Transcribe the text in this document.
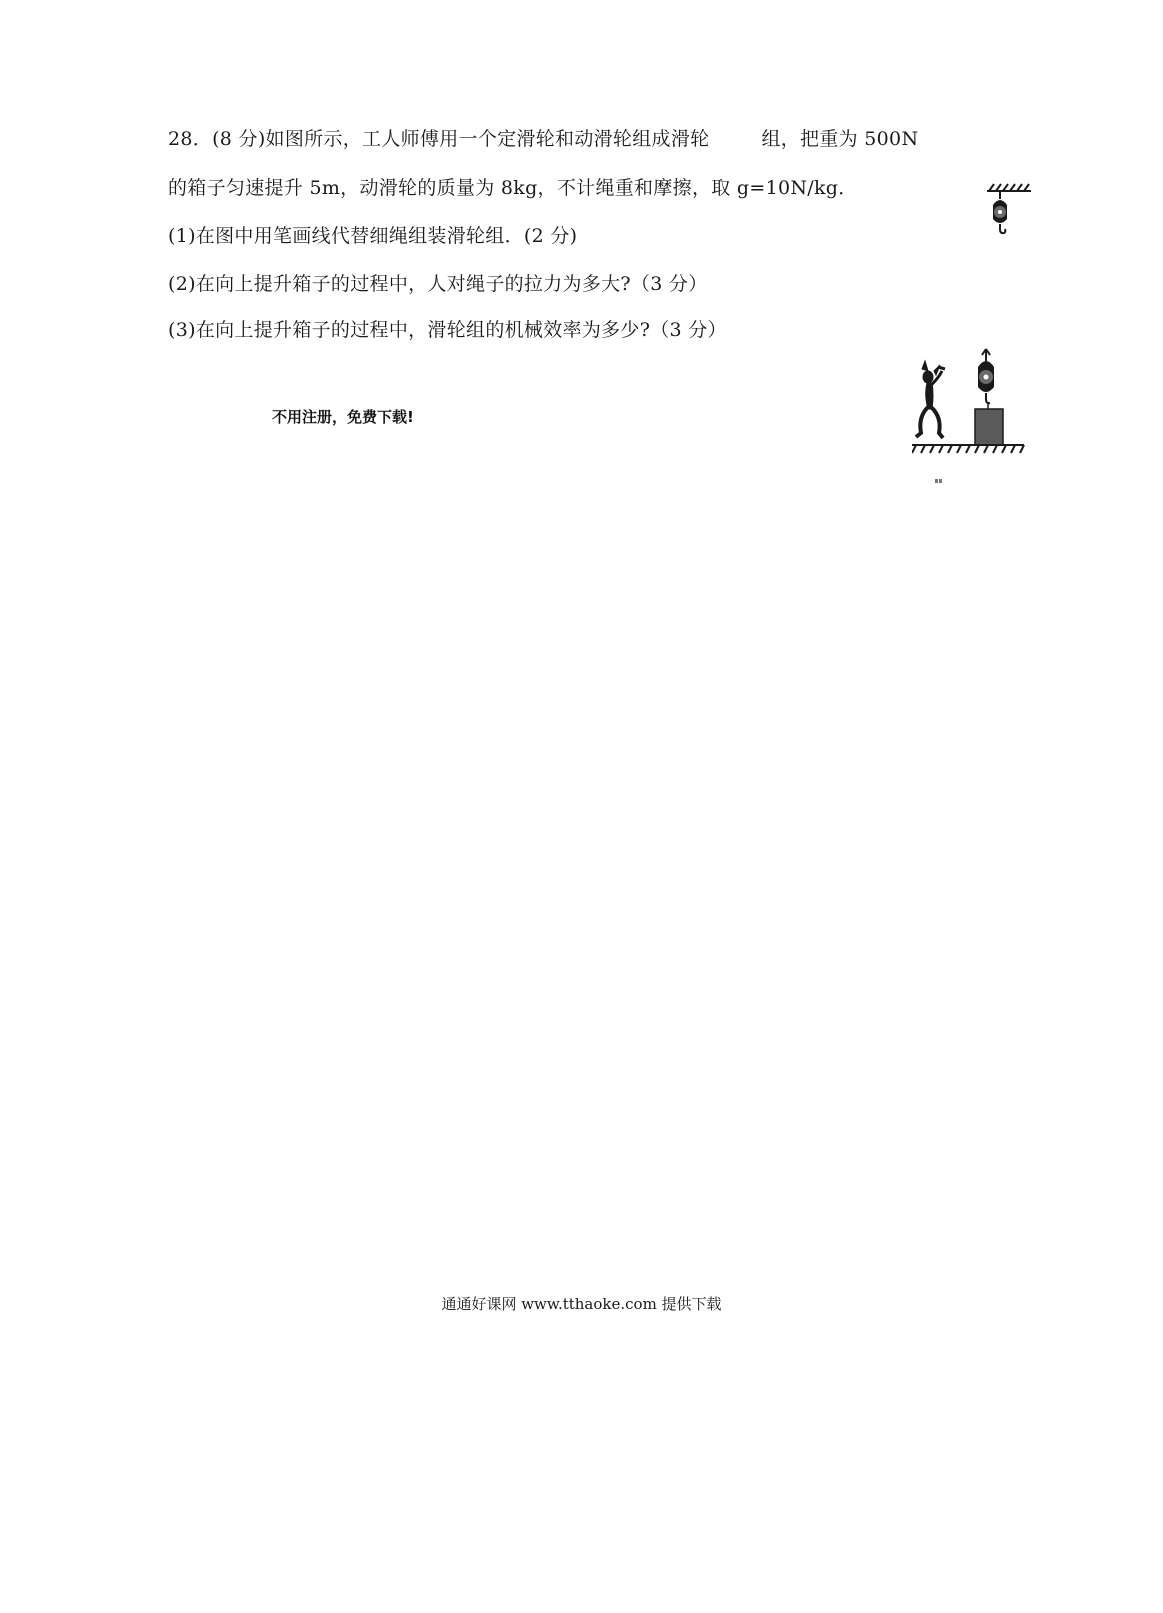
28．(8 分)如图所示，工人师傅用一个定滑轮和动滑轮组成滑轮	组，把重为 500N
的箱子匀速提升 5m，动滑轮的质量为 8kg，不计绳重和摩擦，取 g=10N/kg．
(1)在图中用笔画线代替细绳组装滑轮组．(2 分)
(2)在向上提升箱子的过程中，人对绳子的拉力为多大?（3 分）
(3)在向上提升箱子的过程中，滑轮组的机械效率为多少?（3 分）
不用注册，免费下载!
通通好课网 www.tthaoke.com 提供下载
